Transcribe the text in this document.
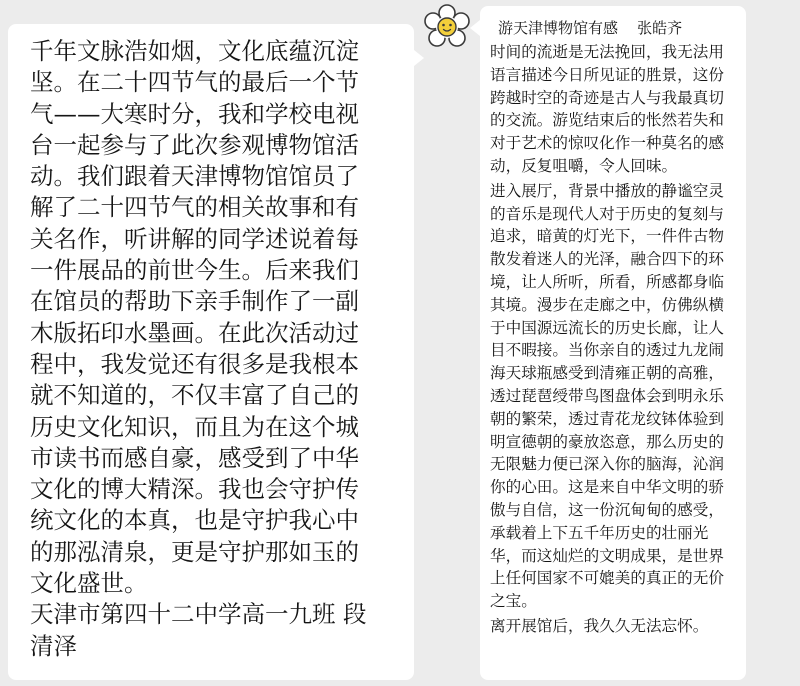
千年文脉浩如烟，文化底蕴沉淀
坚。在二十四节气的最后一个节
气——大寒时分，我和学校电视
台一起参与了此次参观博物馆活
动。我们跟着天津博物馆馆员了
解了二十四节气的相关故事和有
关名作，听讲解的同学述说着每
一件展品的前世今生。后来我们
在馆员的帮助下亲手制作了一副
木版拓印水墨画。在此次活动过
程中，我发觉还有很多是我根本
就不知道的，不仅丰富了自己的
历史文化知识，而且为在这个城
市读书而感自豪，感受到了中华
文化的博大精深。我也会守护传
统文化的本真，也是守护我心中
的那泓清泉，更是守护那如玉的
文化盛世。

天津市第四十二中学高一九班 段
清泽

游天津博物馆有感    张皓齐

时间的流逝是无法挽回，我无法用
语言描述今日所见证的胜景，这份
跨越时空的奇迹是古人与我最真切
的交流。游览结束后的怅然若失和
对于艺术的惊叹化作一种莫名的感
动，反复咀嚼，令人回味。

进入展厅，背景中播放的静谧空灵
的音乐是现代人对于历史的复刻与
追求，暗黄的灯光下，一件件古物
散发着迷人的光泽，融合四下的环
境，让人所听，所看，所感都身临
其境。漫步在走廊之中，仿佛纵横
于中国源远流长的历史长廊，让人
目不暇接。当你亲自的透过九龙闹
海天球瓶感受到清雍正朝的高雅，
透过琵琶绶带鸟图盘体会到明永乐
朝的繁荣，透过青花龙纹钵体验到
明宣德朝的豪放恣意，那么历史的
无限魅力便已深入你的脑海，沁润
你的心田。这是来自中华文明的骄
傲与自信，这一份沉甸甸的感受，
承载着上下五千年历史的壮丽光
华，而这灿烂的文明成果，是世界
上任何国家不可媲美的真正的无价
之宝。

离开展馆后，我久久无法忘怀。
